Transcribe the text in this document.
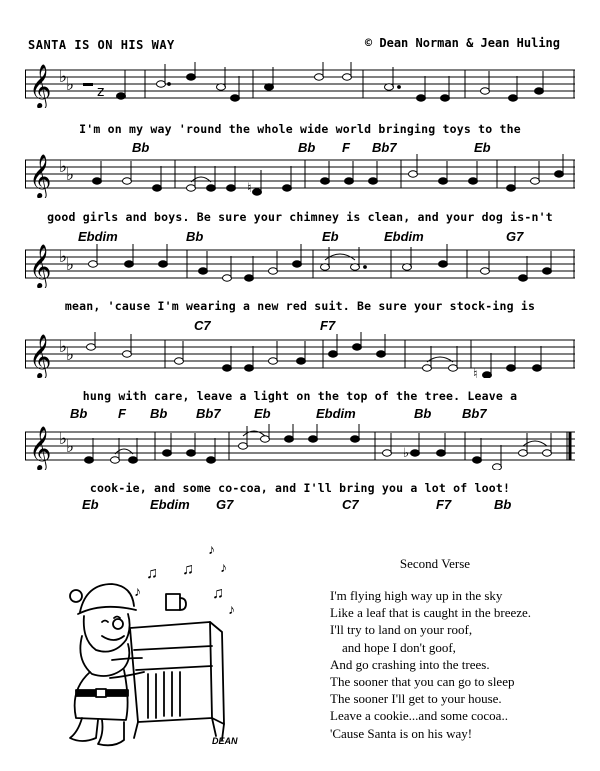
SANTA IS ON HIS WAY	© Dean Norman & Jean Huling
𝄞 ♭
♭ z
I'm on my way 'round the whole wide world bringing toys to the
Bb	Bb F Bb7	Eb
𝄞 ♭
♭
♮
good girls and boys. Be sure your chimney is clean, and your dog is-n't
Ebdim	Bb	Eb	Ebdim	G7
𝄞 ♭
♭
mean, 'cause I'm wearing a new red suit. Be sure your stock-ing is
C7	F7
𝄞 ♭
♭
♮
hung with care, leave a light on the top of the tree. Leave a
Bb F Bb Bb7	Eb	Ebdim	Bb Bb7
𝄞 ♭
♭	♭
cook-ie, and some co-coa, and I'll bring you a lot of loot!
Eb	Ebdim G7	C7	F7	Bb
♫ ♫
♪
♪
♪	♫
♪
DEAN
Second Verse
I'm flying high way up in the sky
Like a leaf that is caught in the breeze.
I'll try to land on your roof,
and hope I don't goof,
And go crashing into the trees.
The sooner that you can go to sleep
The sooner I'll get to your house.
Leave a cookie...and some cocoa..
'Cause Santa is on his way!
